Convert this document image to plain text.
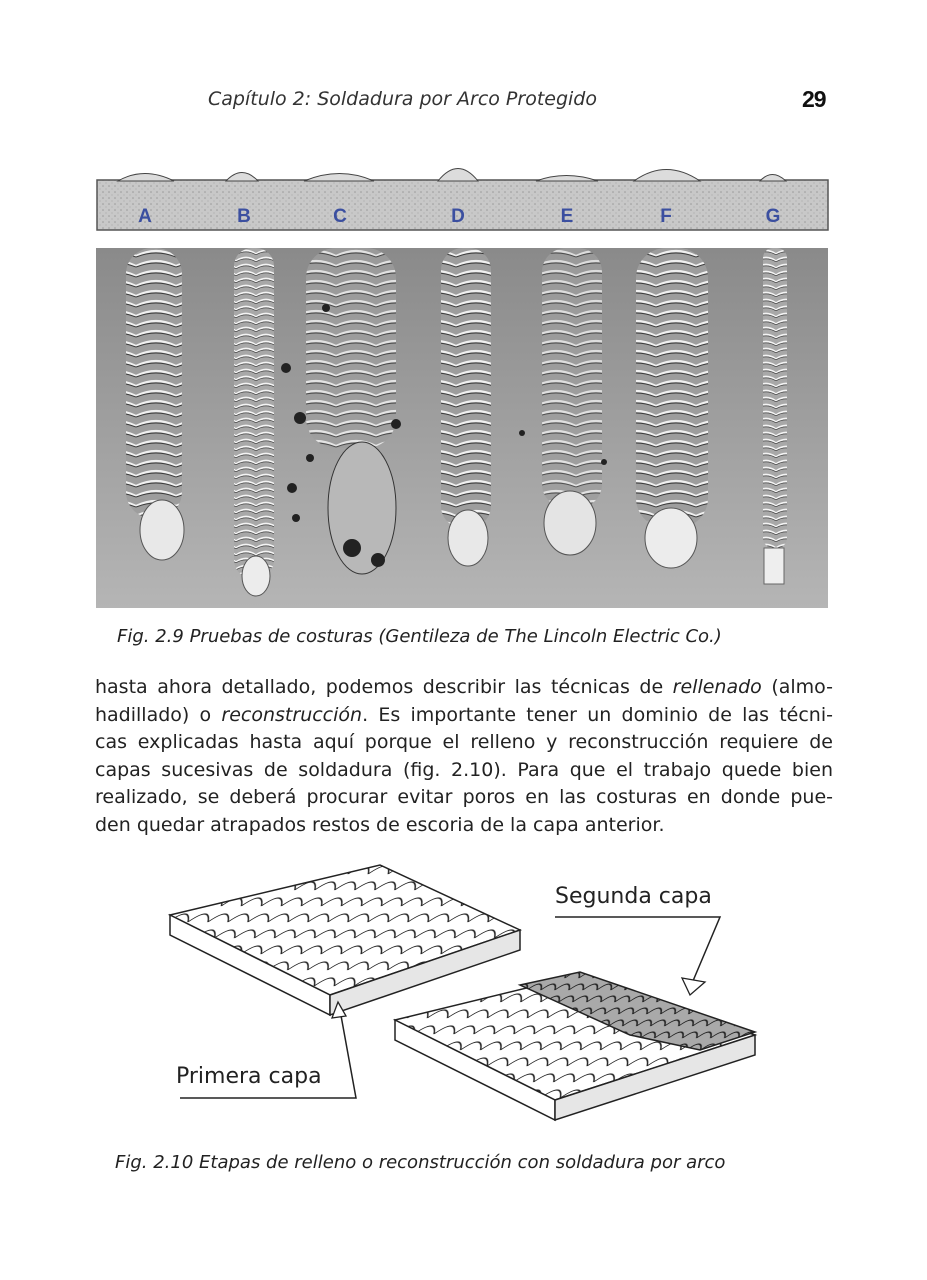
Capítulo 2: Soldadura por Arco Protegido	29
A	B	C	D	E	F	G
Fig. 2.9 Pruebas de costuras (Gentileza de The Lincoln Electric Co.)
hasta ahora detallado, podemos describir las técnicas de rellenado (almo-
hadillado) o reconstrucción. Es importante tener un dominio de las técni-
cas explicadas hasta aquí porque el relleno y reconstrucción requiere de
capas sucesivas de soldadura (fig. 2.10). Para que el trabajo quede bien
realizado, se deberá procurar evitar poros en las costuras en donde pue-
den quedar atrapados restos de escoria de la capa anterior.
Segunda capa
Primera capa
Fig. 2.10 Etapas de relleno o reconstrucción con soldadura por arco
